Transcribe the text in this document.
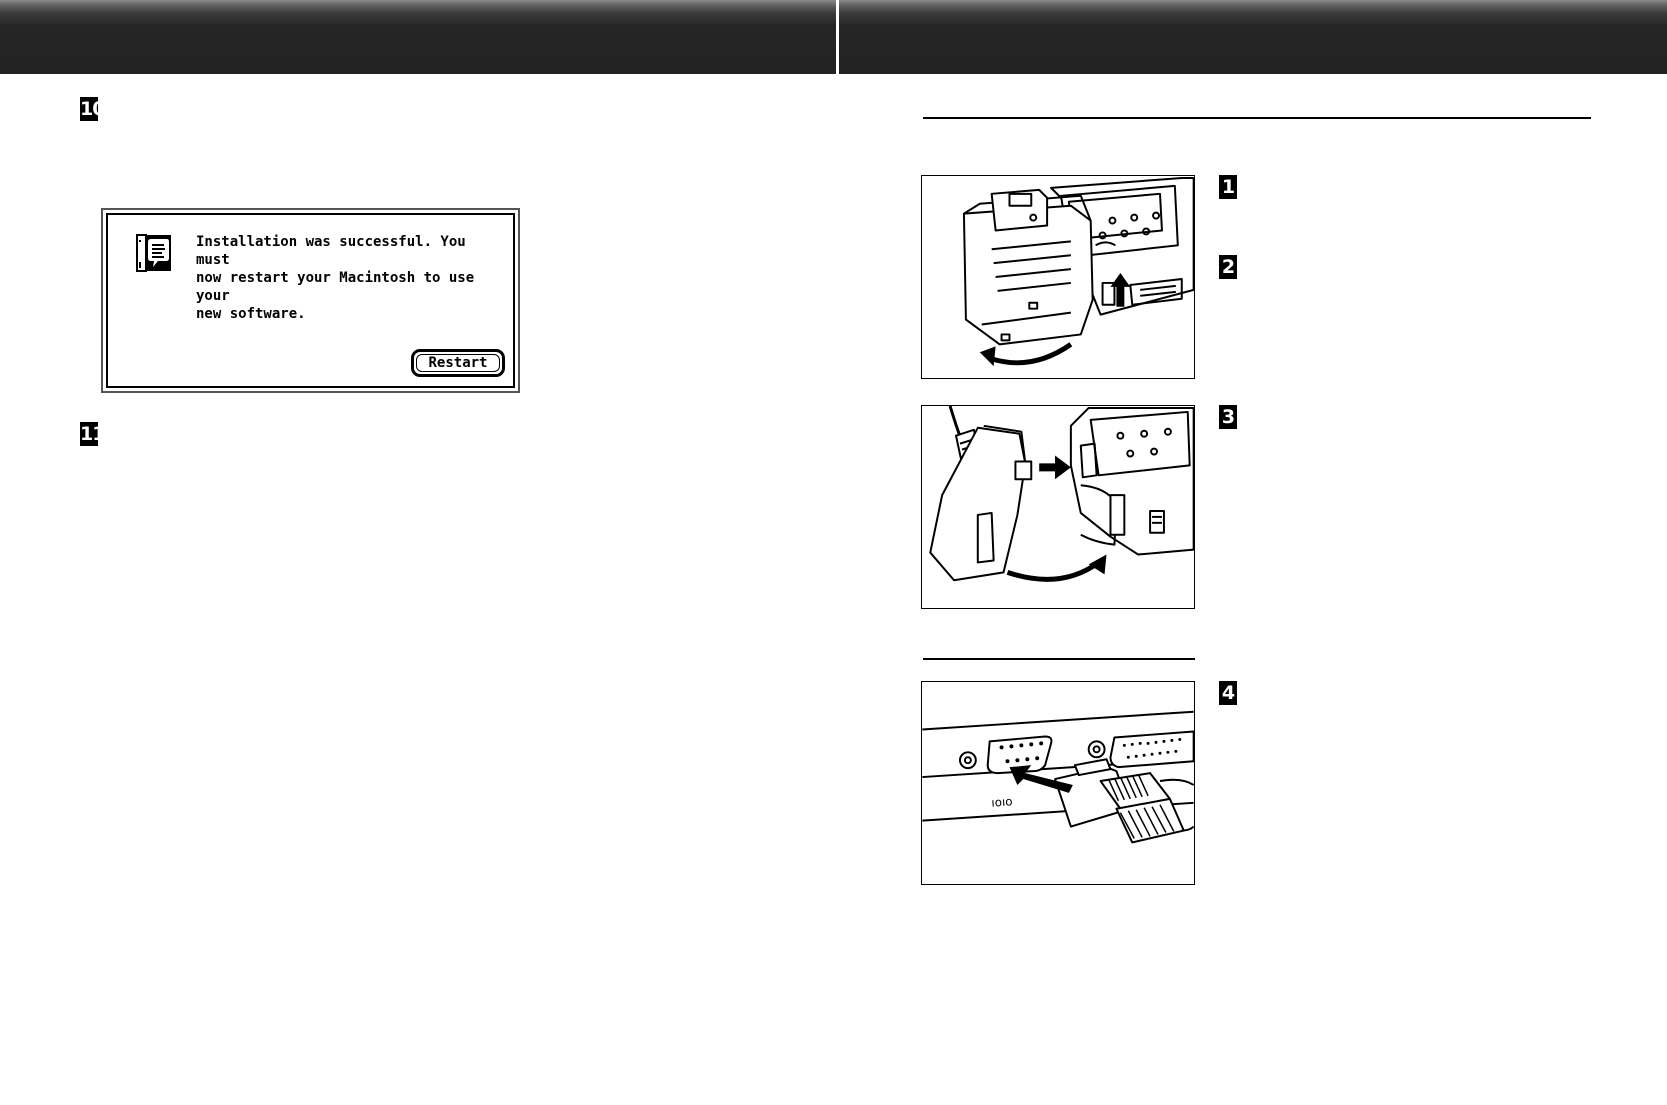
10
Installation was successful. You must
now restart your Macintosh to use your
new software.
Restart
11
1
2
3
ıoıo
4
